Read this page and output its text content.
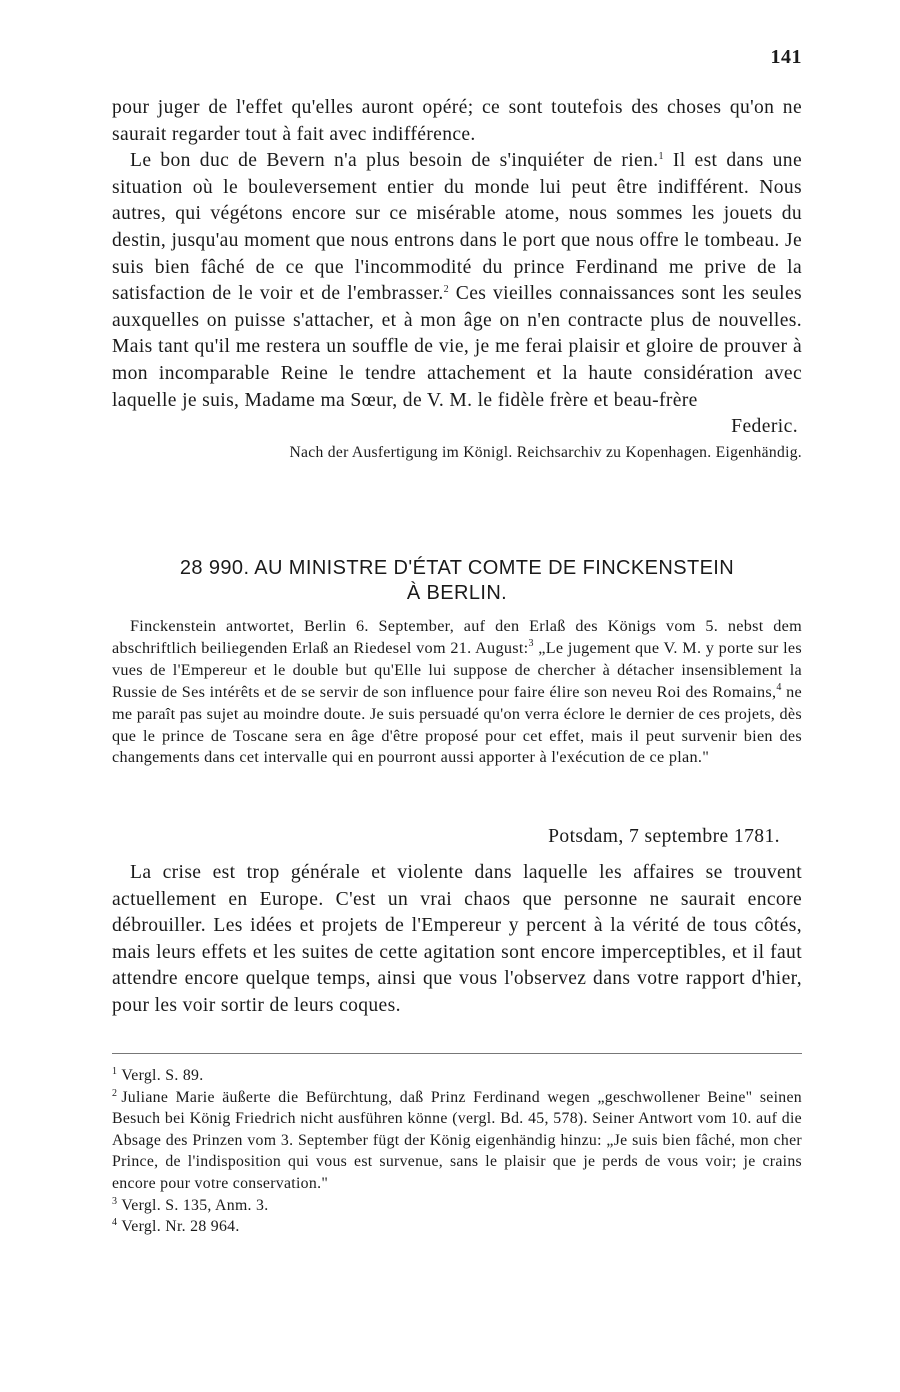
141

pour juger de l'effet qu'elles auront opéré; ce sont toutefois des choses qu'on ne saurait regarder tout à fait avec indifférence.

Le bon duc de Bevern n'a plus besoin de s'inquiéter de rien.$^1$ Il est dans une situation où le bouleversement entier du monde lui peut être indifférent. Nous autres, qui végétons encore sur ce misérable atome, nous sommes les jouets du destin, jusqu'au moment que nous entrons dans le port que nous offre le tombeau. Je suis bien fâché de ce que l'incommodité du prince Ferdinand me prive de la satisfaction de le voir et de l'embrasser.$^2$ Ces vieilles connaissances sont les seules auxquelles on puisse s'attacher, et à mon âge on n'en contracte plus de nouvelles. Mais tant qu'il me restera un souffle de vie, je me ferai plaisir et gloire de prouver à mon incomparable Reine le tendre attachement et la haute considération avec laquelle je suis, Madame ma Sœur, de V. M. le fidèle frère et beau-frère

Federic.
Nach der Ausfertigung im Königl. Reichsarchiv zu Kopenhagen. Eigenhändig.
28 990. AU MINISTRE D'ÉTAT COMTE DE FINCKENSTEIN
À BERLIN.

Finckenstein antwortet, Berlin 6. September, auf den Erlaß des Königs vom 5. nebst dem abschriftlich beiliegenden Erlaß an Riedesel vom 21. August:$^3$ „Le jugement que V. M. y porte sur les vues de l'Empereur et le double but qu'Elle lui suppose de chercher à détacher insensiblement la Russie de Ses intérêts et de se servir de son influence pour faire élire son neveu Roi des Romains,$^4$ ne me paraît pas sujet au moindre doute. Je suis persuadé qu'on verra éclore le dernier de ces projets, dès que le prince de Toscane sera en âge d'être proposé pour cet effet, mais il peut survenir bien des changements dans cet intervalle qui en pourront aussi apporter à l'exécution de ce plan."

Potsdam, 7 septembre 1781.

La crise est trop générale et violente dans laquelle les affaires se trouvent actuellement en Europe. C'est un vrai chaos que personne ne saurait encore débrouiller. Les idées et projets de l'Empereur y percent à la vérité de tous côtés, mais leurs effets et les suites de cette agitation sont encore imperceptibles, et il faut attendre encore quelque temps, ainsi que vous l'observez dans votre rapport d'hier, pour les voir sortir de leurs coques.

$^1$ Vergl. S. 89.

$^2$ Juliane Marie äußerte die Befürchtung, daß Prinz Ferdinand wegen „geschwollener Beine" seinen Besuch bei König Friedrich nicht ausführen könne (vergl. Bd. 45, 578). Seiner Antwort vom 10. auf die Absage des Prinzen vom 3. September fügt der König eigenhändig hinzu: „Je suis bien fâché, mon cher Prince, de l'indisposition qui vous est survenue, sans le plaisir que je perds de vous voir; je crains encore pour votre conservation."

$^3$ Vergl. S. 135, Anm. 3.

$^4$ Vergl. Nr. 28 964.
